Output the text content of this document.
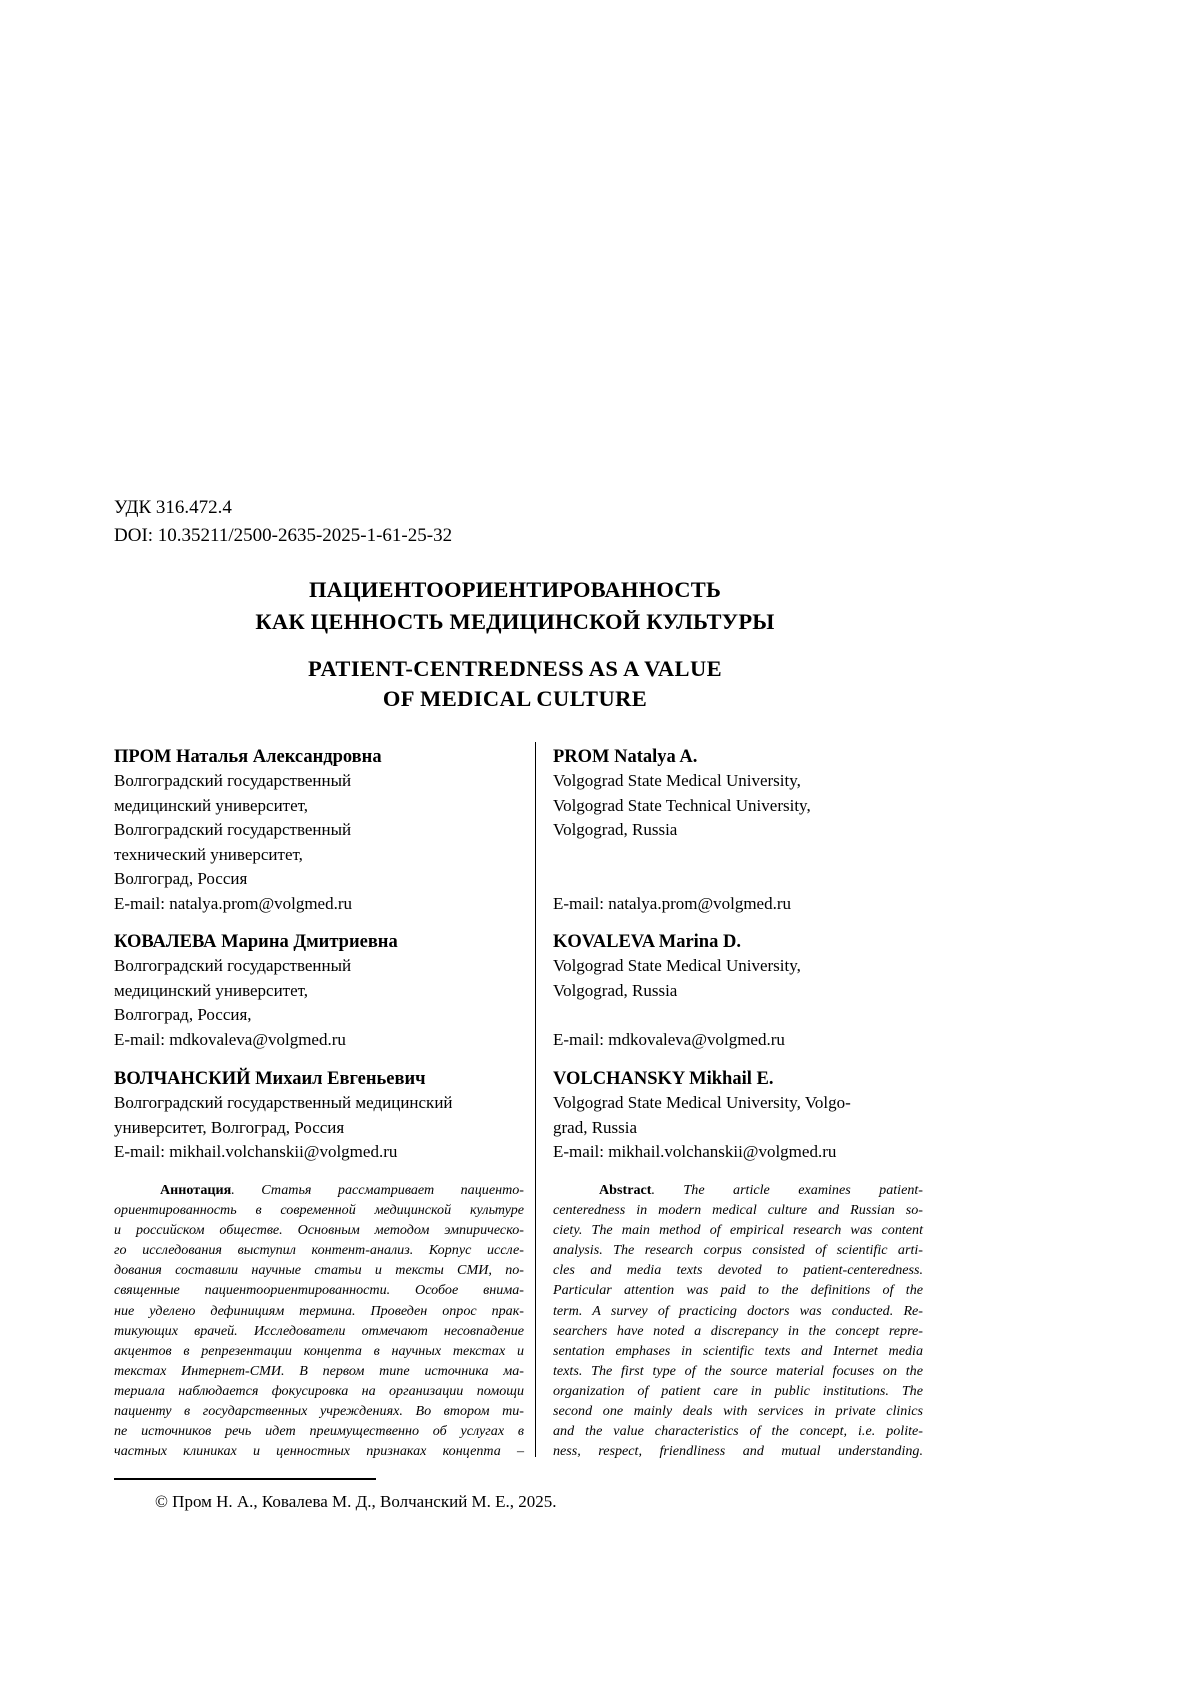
УДК 316.472.4
DOI: 10.35211/2500-2635-2025-1-61-25-32
ПАЦИЕНТООРИЕНТИРОВАННОСТЬ
КАК ЦЕННОСТЬ МЕДИЦИНСКОЙ КУЛЬТУРЫ
PATIENT-CENTREDNESS AS A VALUE
OF MEDICAL CULTURE
ПРОМ Наталья Александровна
Волгоградский государственный
медицинский университет,
Волгоградский государственный
технический университет,
Волгоград, Россия
E-mail: natalya.prom@volgmed.ru
КОВАЛЕВА Марина Дмитриевна
Волгоградский государственный
медицинский университет,
Волгоград, Россия,
E-mail: mdkovaleva@volgmed.ru
ВОЛЧАНСКИЙ Михаил Евгеньевич
Волгоградский государственный медицинский
университет, Волгоград, Россия
E-mail: mikhail.volchanskii@volgmed.ru
PROM Natalya A.
Volgograd State Medical University,
Volgograd State Technical University,
Volgograd, Russia
E-mail: natalya.prom@volgmed.ru
KOVALEVA Marina D.
Volgograd State Medical University,
Volgograd, Russia
E-mail: mdkovaleva@volgmed.ru
VOLCHANSKY Mikhail E.
Volgograd State Medical University, Volgo-
grad, Russia
E-mail: mikhail.volchanskii@volgmed.ru
Аннотация. Статья рассматривает пациенто-
ориентированность в современной медицинской культуре
и российском обществе. Основным методом эмпирическо-
го исследования выступил контент-анализ. Корпус иссле-
дования составили научные статьи и тексты СМИ, по-
священные пациентоориентированности. Особое внима-
ние уделено дефинициям термина. Проведен опрос прак-
тикующих врачей. Исследователи отмечают несовпадение
акцентов в репрезентации концепта в научных текстах и
текстах Интернет-СМИ. В первом типе источника ма-
териала наблюдается фокусировка на организации помощи
пациенту в государственных учреждениях. Во втором ти-
пе источников речь идет преимущественно об услугах в
частных клиниках и ценностных признаках концепта –
Abstract. The article examines patient-
centeredness in modern medical culture and Russian so-
ciety. The main method of empirical research was content
analysis. The research corpus consisted of scientific arti-
cles and media texts devoted to patient-centeredness.
Particular attention was paid to the definitions of the
term. A survey of practicing doctors was conducted. Re-
searchers have noted a discrepancy in the concept repre-
sentation emphases in scientific texts and Internet media
texts. The first type of the source material focuses on the
organization of patient care in public institutions. The
second one mainly deals with services in private clinics
and the value characteristics of the concept, i.e. polite-
ness, respect, friendliness and mutual understanding.
© Пром Н. А., Ковалева М. Д., Волчанский М. Е., 2025.
